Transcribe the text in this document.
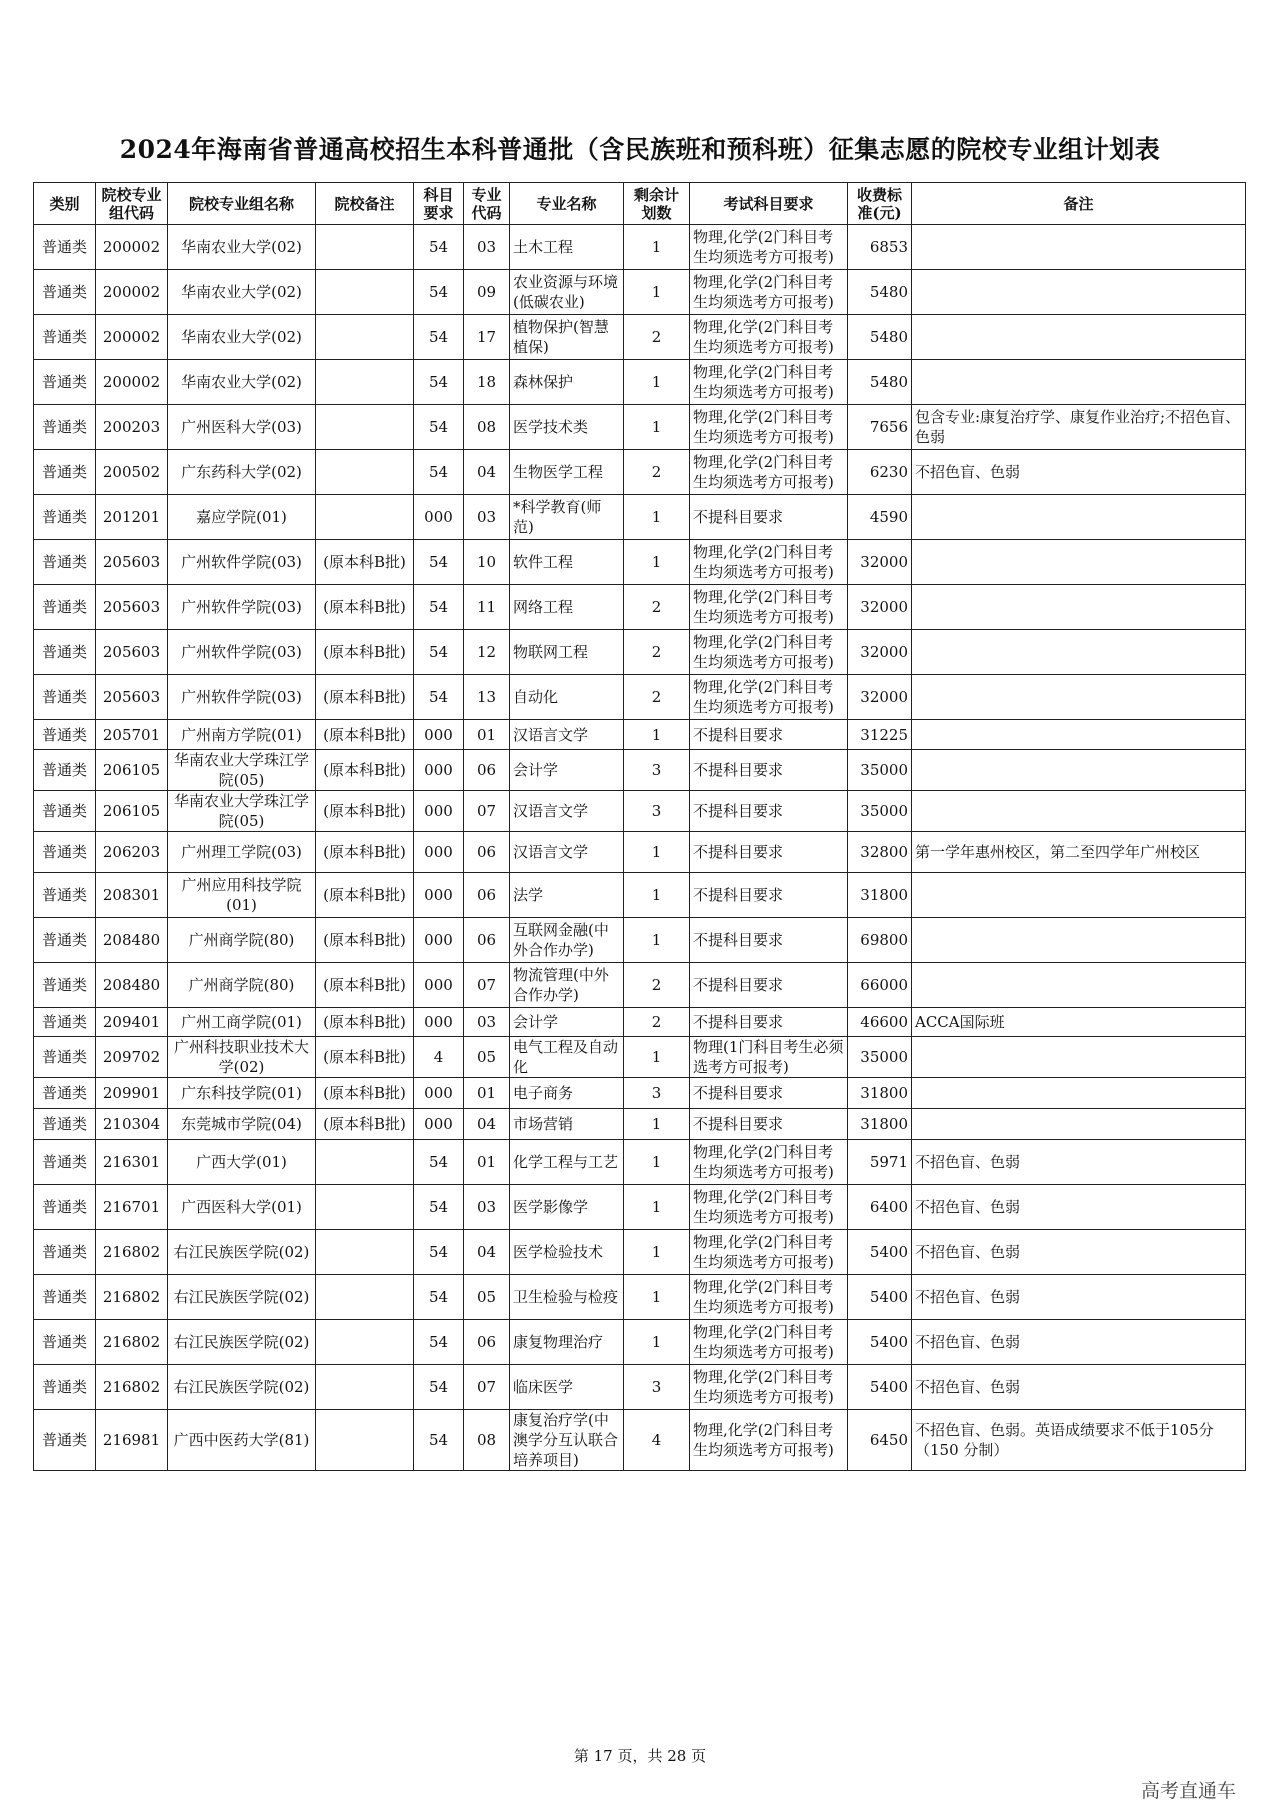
2024年海南省普通高校招生本科普通批（含民族班和预科班）征集志愿的院校专业组计划表
类别	院校专业组代码	院校专业组名称	院校备注	科目要求	专业代码	专业名称	剩余计划数	考试科目要求	收费标准(元)	备注
普通类	200002	华南农业大学(02)		54	03	土木工程	1	物理,化学(2门科目考生均须选考方可报考)	6853	
普通类	200002	华南农业大学(02)		54	09	农业资源与环境(低碳农业)	1	物理,化学(2门科目考生均须选考方可报考)	5480	
普通类	200002	华南农业大学(02)		54	17	植物保护(智慧植保)	2	物理,化学(2门科目考生均须选考方可报考)	5480	
普通类	200002	华南农业大学(02)		54	18	森林保护	1	物理,化学(2门科目考生均须选考方可报考)	5480	
普通类	200203	广州医科大学(03)		54	08	医学技术类	1	物理,化学(2门科目考生均须选考方可报考)	7656	包含专业:康复治疗学、康复作业治疗;不招色盲、色弱
普通类	200502	广东药科大学(02)		54	04	生物医学工程	2	物理,化学(2门科目考生均须选考方可报考)	6230	不招色盲、色弱
普通类	201201	嘉应学院(01)		000	03	*科学教育(师范)	1	不提科目要求	4590	
普通类	205603	广州软件学院(03)	(原本科B批)	54	10	软件工程	1	物理,化学(2门科目考生均须选考方可报考)	32000	
普通类	205603	广州软件学院(03)	(原本科B批)	54	11	网络工程	2	物理,化学(2门科目考生均须选考方可报考)	32000	
普通类	205603	广州软件学院(03)	(原本科B批)	54	12	物联网工程	2	物理,化学(2门科目考生均须选考方可报考)	32000	
普通类	205603	广州软件学院(03)	(原本科B批)	54	13	自动化	2	物理,化学(2门科目考生均须选考方可报考)	32000	
普通类	205701	广州南方学院(01)	(原本科B批)	000	01	汉语言文学	1	不提科目要求	31225	
普通类	206105	华南农业大学珠江学院(05)	(原本科B批)	000	06	会计学	3	不提科目要求	35000	
普通类	206105	华南农业大学珠江学院(05)	(原本科B批)	000	07	汉语言文学	3	不提科目要求	35000	
普通类	206203	广州理工学院(03)	(原本科B批)	000	06	汉语言文学	1	不提科目要求	32800	第一学年惠州校区，第二至四学年广州校区
普通类	208301	广州应用科技学院(01)	(原本科B批)	000	06	法学	1	不提科目要求	31800	
普通类	208480	广州商学院(80)	(原本科B批)	000	06	互联网金融(中外合作办学)	1	不提科目要求	69800	
普通类	208480	广州商学院(80)	(原本科B批)	000	07	物流管理(中外合作办学)	2	不提科目要求	66000	
普通类	209401	广州工商学院(01)	(原本科B批)	000	03	会计学	2	不提科目要求	46600	ACCA国际班
普通类	209702	广州科技职业技术大学(02)	(原本科B批)	4	05	电气工程及自动化	1	物理(1门科目考生必须选考方可报考)	35000	
普通类	209901	广东科技学院(01)	(原本科B批)	000	01	电子商务	3	不提科目要求	31800	
普通类	210304	东莞城市学院(04)	(原本科B批)	000	04	市场营销	1	不提科目要求	31800	
普通类	216301	广西大学(01)		54	01	化学工程与工艺	1	物理,化学(2门科目考生均须选考方可报考)	5971	不招色盲、色弱
普通类	216701	广西医科大学(01)		54	03	医学影像学	1	物理,化学(2门科目考生均须选考方可报考)	6400	不招色盲、色弱
普通类	216802	右江民族医学院(02)		54	04	医学检验技术	1	物理,化学(2门科目考生均须选考方可报考)	5400	不招色盲、色弱
普通类	216802	右江民族医学院(02)		54	05	卫生检验与检疫	1	物理,化学(2门科目考生均须选考方可报考)	5400	不招色盲、色弱
普通类	216802	右江民族医学院(02)		54	06	康复物理治疗	1	物理,化学(2门科目考生均须选考方可报考)	5400	不招色盲、色弱
普通类	216802	右江民族医学院(02)		54	07	临床医学	3	物理,化学(2门科目考生均须选考方可报考)	5400	不招色盲、色弱
普通类	216981	广西中医药大学(81)		54	08	康复治疗学(中澳学分互认联合培养项目)	4	物理,化学(2门科目考生均须选考方可报考)	6450	不招色盲、色弱。英语成绩要求不低于105分（150 分制）
第 17 页，共 28 页
高考直通车
